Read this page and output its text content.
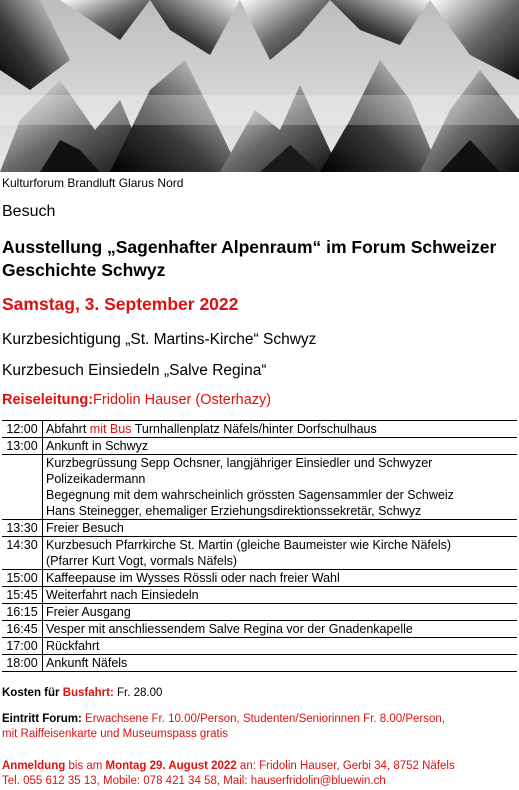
Kulturforum Brandluft Glarus Nord
Besuch
Ausstellung „Sagenhafter Alpenraum“ im Forum Schweizer Geschichte Schwyz
Samstag, 3. September 2022
Kurzbesichtigung „St. Martins-Kirche“ Schwyz
Kurzbesuch Einsiedeln „Salve Regina“
Reiseleitung:Fridolin Hauser (Osterhazy)
12:00	Abfahrt mit Bus Turnhallenplatz Näfels/hinter Dorfschulhaus
13:00	Ankunft in Schwyz

	Kurzbegrüssung Sepp Ochsner, langjähriger Einsiedler und Schwyzer
Polizeikadermann
Begegnung mit dem wahrscheinlich grössten Sagensammler der Schweiz
Hans Steinegger, ehemaliger Erziehungsdirektionssekretär, Schwyz

13:30	Freier Besuch
14:30	Kurzbesuch Pfarrkirche St. Martin (gleiche Baumeister wie Kirche Näfels)
(Pfarrer Kurt Vogt, vormals Näfels)

15:00	Kaffeepause im Wysses Rössli oder nach freier Wahl
15:45	Weiterfahrt nach Einsiedeln
16:15	Freier Ausgang
16:45	Vesper mit anschliessendem Salve Regina vor der Gnadenkapelle
17:00	Rückfahrt
18:00	Ankunft Näfels
Kosten für Busfahrt: Fr. 28.00
Eintritt Forum: Erwachsene Fr. 10.00/Person, Studenten/Seniorinnen Fr. 8.00/Person,
mit Raiffeisenkarte und Museumspass gratis
Anmeldung bis am Montag 29. August 2022 an: Fridolin Hauser, Gerbi 34, 8752 Näfels
Tel. 055 612 35 13, Mobile: 078 421 34 58, Mail: hauserfridolin@bluewin.ch
